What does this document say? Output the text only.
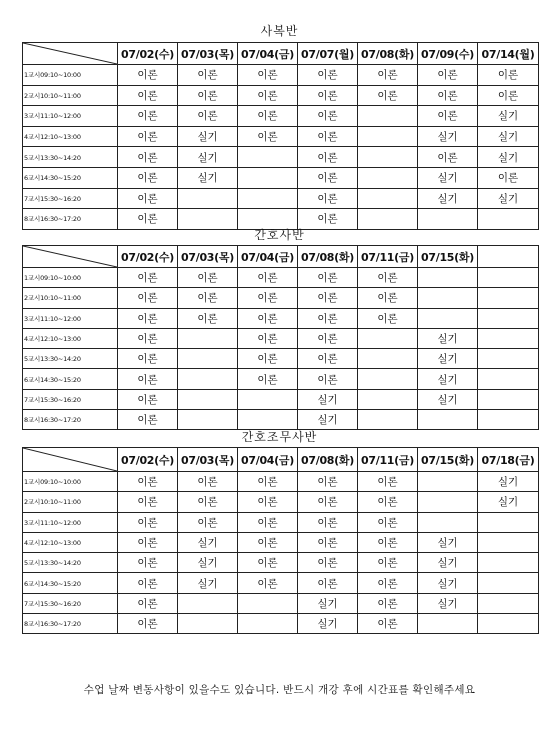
사복반
	07/02(수)	07/03(목)	07/04(금)	07/07(월)	07/08(화)	07/09(수)	07/14(월)
1교시09:10~10:00	이론	이론	이론	이론	이론	이론	이론
2교시10:10~11:00	이론	이론	이론	이론	이론	이론	이론
3교시11:10~12:00	이론	이론	이론	이론		이론	실기
4교시12:10~13:00	이론	실기	이론	이론		실기	실기
5교시13:30~14:20	이론	실기		이론		이론	실기
6교시14:30~15:20	이론	실기		이론		실기	이론
7교시15:30~16:20	이론			이론		실기	실기
8교시16:30~17:20	이론			이론			
간호사반
	07/02(수)	07/03(목)	07/04(금)	07/08(화)	07/11(금)	07/15(화)	
1교시09:10~10:00	이론	이론	이론	이론	이론		
2교시10:10~11:00	이론	이론	이론	이론	이론		
3교시11:10~12:00	이론	이론	이론	이론	이론		
4교시12:10~13:00	이론		이론	이론		실기	
5교시13:30~14:20	이론		이론	이론		실기	
6교시14:30~15:20	이론		이론	이론		실기	
7교시15:30~16:20	이론			실기		실기	
8교시16:30~17:20	이론			실기			
간호조무사반
	07/02(수)	07/03(목)	07/04(금)	07/08(화)	07/11(금)	07/15(화)	07/18(금)
1교시09:10~10:00	이론	이론	이론	이론	이론		실기
2교시10:10~11:00	이론	이론	이론	이론	이론		실기
3교시11:10~12:00	이론	이론	이론	이론	이론		
4교시12:10~13:00	이론	실기	이론	이론	이론	실기	
5교시13:30~14:20	이론	실기	이론	이론	이론	실기	
6교시14:30~15:20	이론	실기	이론	이론	이론	실기	
7교시15:30~16:20	이론			실기	이론	실기	
8교시16:30~17:20	이론			실기	이론		
수업 날짜 변동사항이 있을수도 있습니다. 반드시 개강 후에 시간표를 확인해주세요
